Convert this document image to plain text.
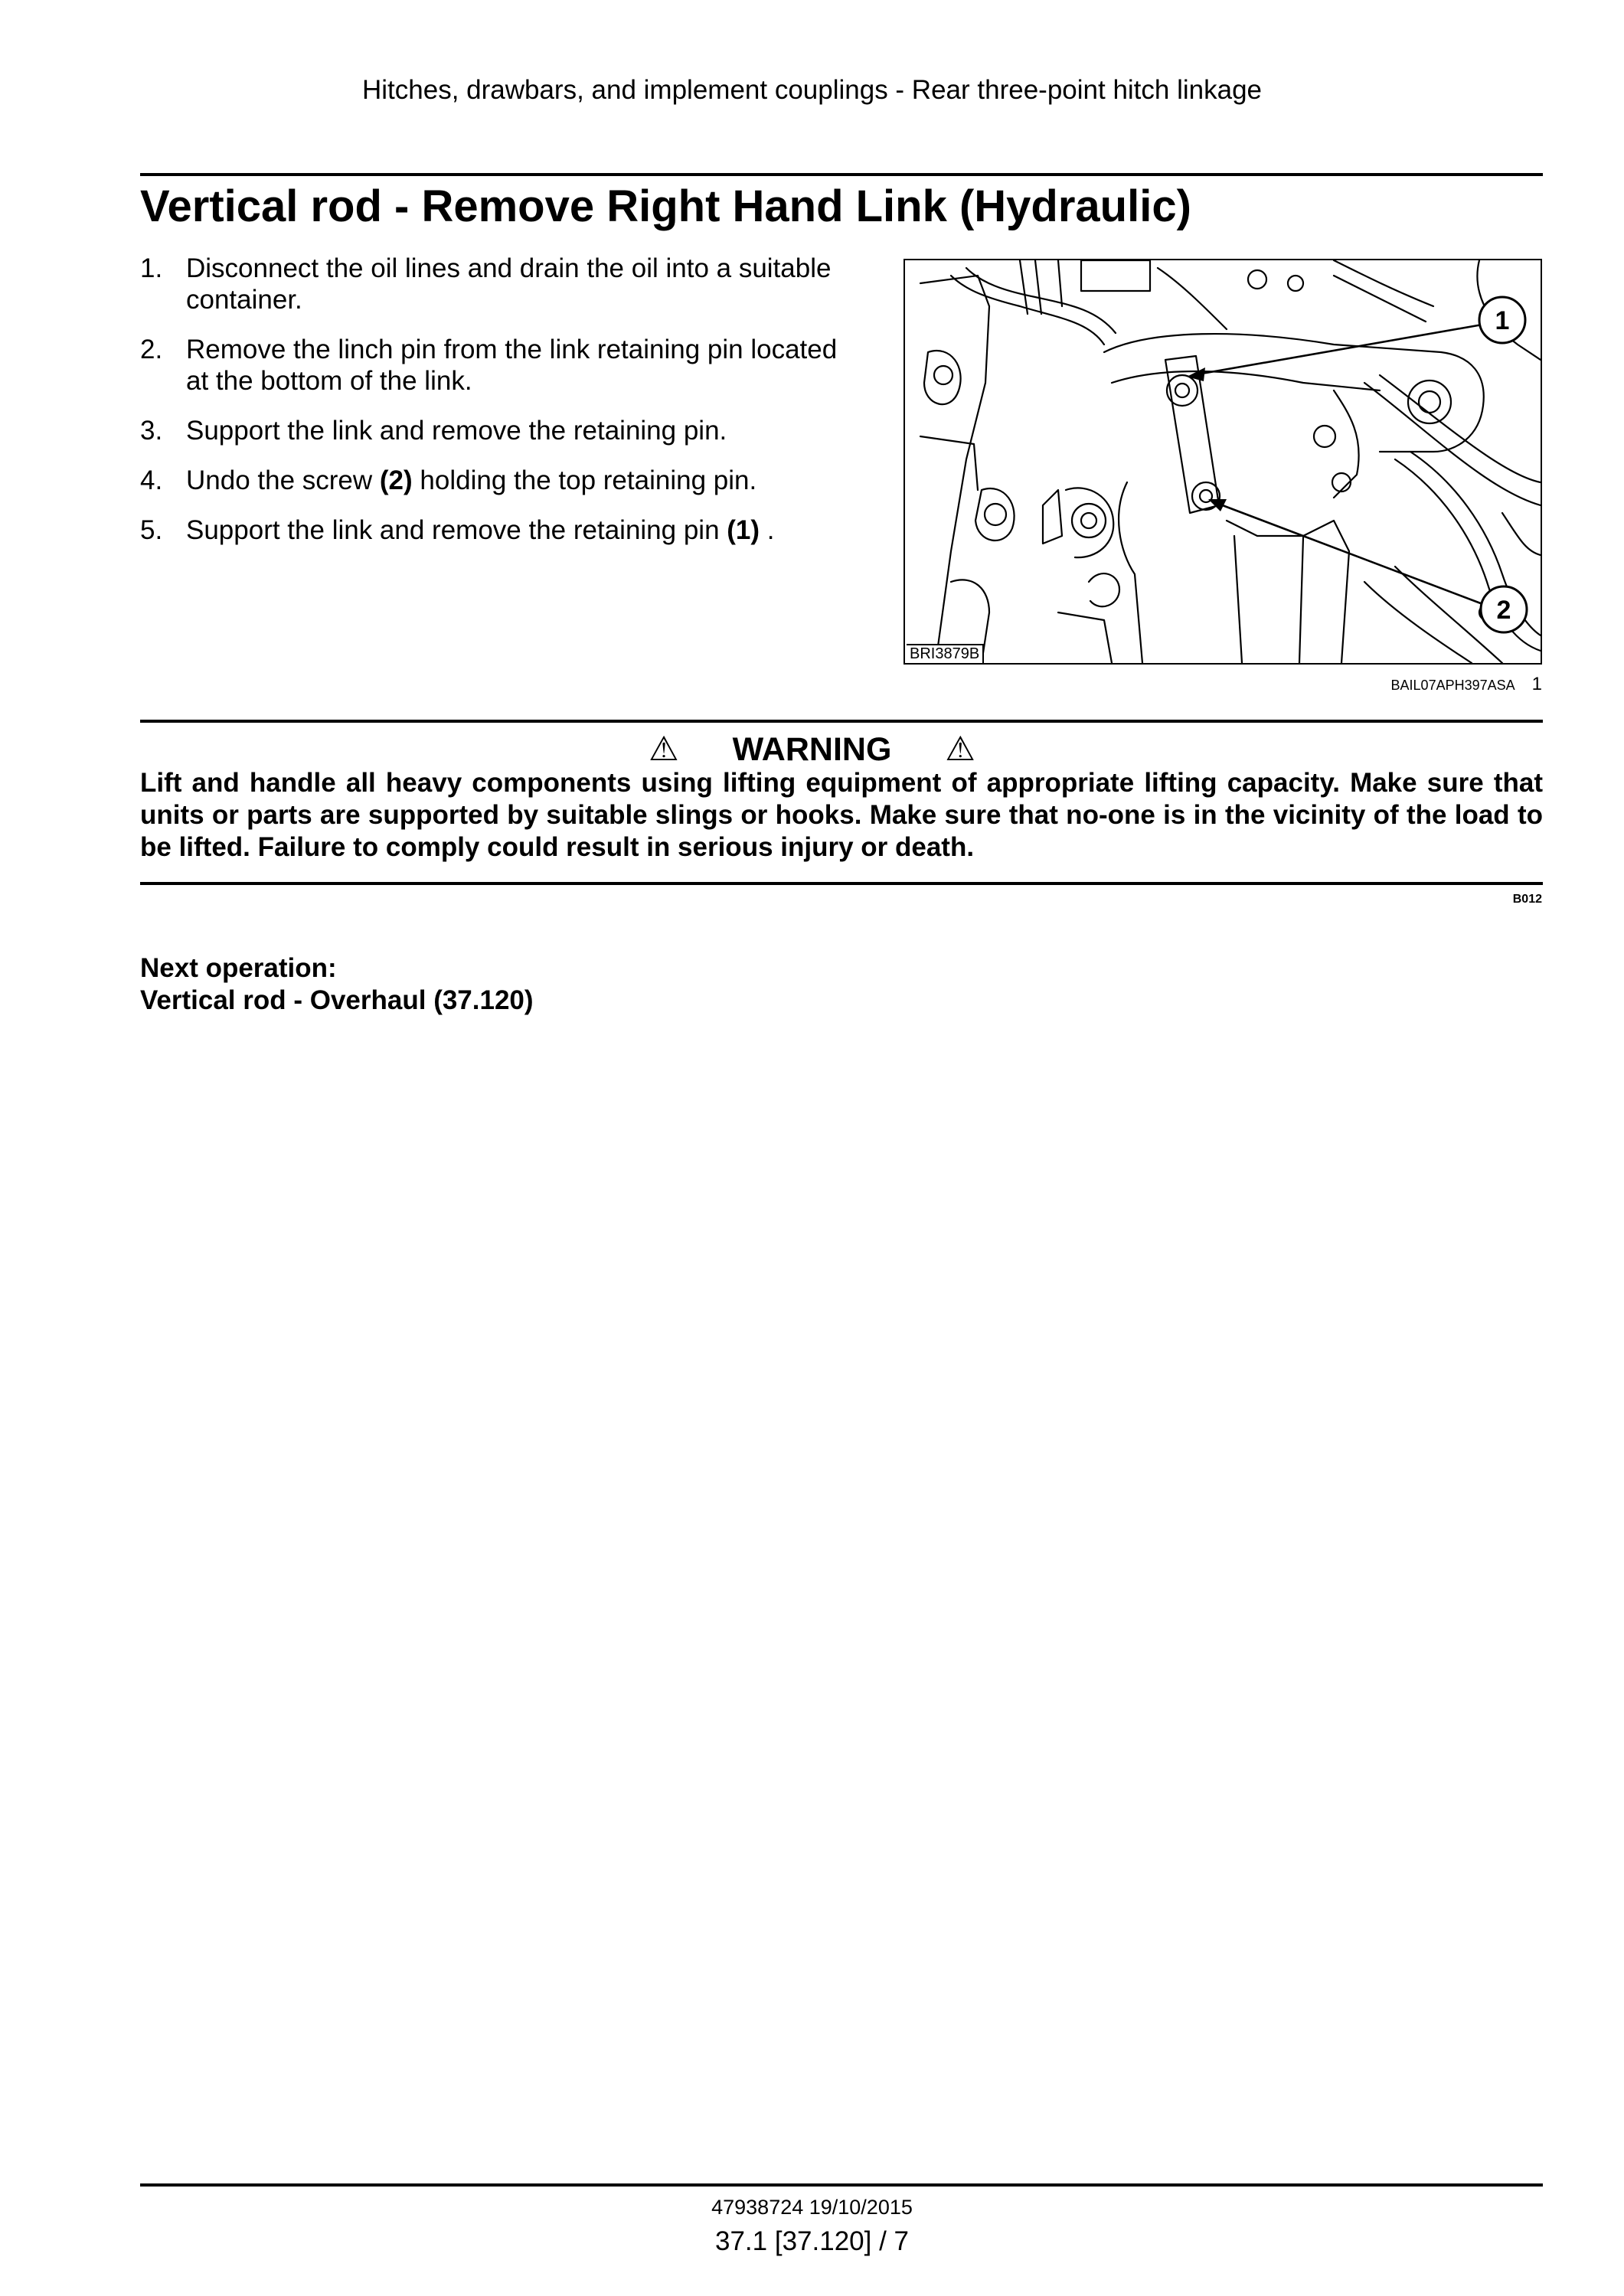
Hitches, drawbars, and implement couplings - Rear three-point hitch linkage
Vertical rod - Remove Right Hand Link (Hydraulic)
1. Disconnect the oil lines and drain the oil into a suitable container.
2. Remove the linch pin from the link retaining pin located at the bottom of the link.
3. Support the link and remove the retaining pin.
4. Undo the screw (2) holding the top retaining pin.
5. Support the link and remove the retaining pin (1) .
1
2
BRI3879B
BAIL07APH397ASA 1
⚠ WARNING ⚠

Lift and handle all heavy components using lifting equipment of appropriate lifting capacity. Make sure that units or parts are supported by suitable slings or hooks. Make sure that no-one is in the vicinity of the load to be lifted. Failure to comply could result in serious injury or death.

B012
Next operation:
Vertical rod - Overhaul (37.120)
47938724 19/10/2015
37.1 [37.120] / 7
